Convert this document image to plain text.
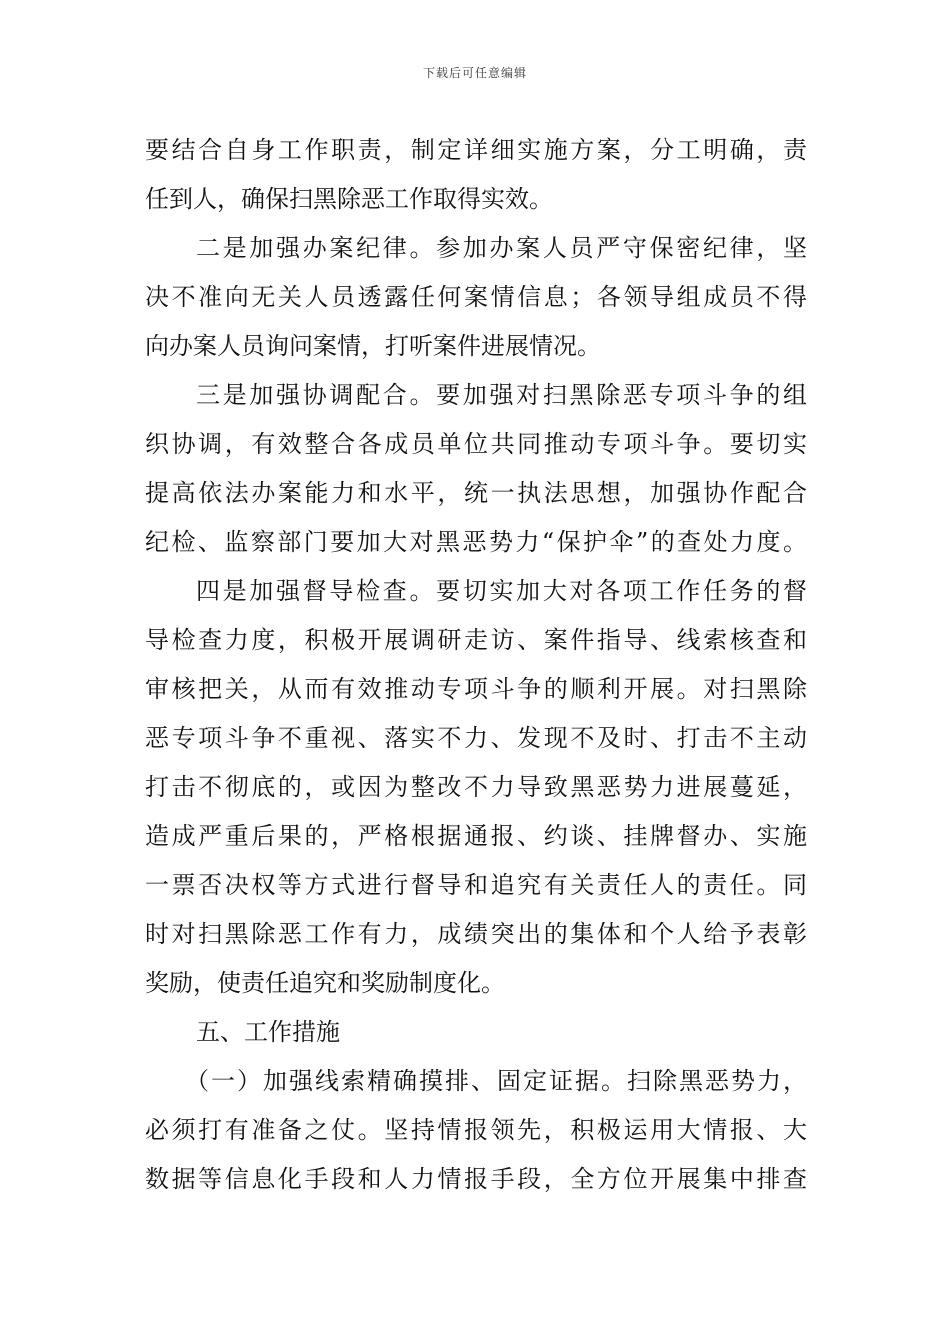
下载后可任意编辑
要结合自身工作职责，制定详细实施方案，分工明确，责
任到人，确保扫黑除恶工作取得实效。
二是加强办案纪律。参加办案人员严守保密纪律，坚
决不准向无关人员透露任何案情信息；各领导组成员不得
向办案人员询问案情，打听案件进展情况。
三是加强协调配合。要加强对扫黑除恶专项斗争的组
织协调，有效整合各成员单位共同推动专项斗争。要切实
提高依法办案能力和水平，统一执法思想，加强协作配合
纪检、监察部门要加大对黑恶势力“保护伞”的查处力度。
四是加强督导检查。要切实加大对各项工作任务的督
导检查力度，积极开展调研走访、案件指导、线索核查和
审核把关，从而有效推动专项斗争的顺利开展。对扫黑除
恶专项斗争不重视、落实不力、发现不及时、打击不主动
打击不彻底的，或因为整改不力导致黑恶势力进展蔓延，
造成严重后果的，严格根据通报、约谈、挂牌督办、实施
一票否决权等方式进行督导和追究有关责任人的责任。同
时对扫黑除恶工作有力，成绩突出的集体和个人给予表彰
奖励，使责任追究和奖励制度化。
五、工作措施
（一）加强线索精确摸排、固定证据。扫除黑恶势力，
必须打有准备之仗。坚持情报领先，积极运用大情报、大
数据等信息化手段和人力情报手段，全方位开展集中排查
